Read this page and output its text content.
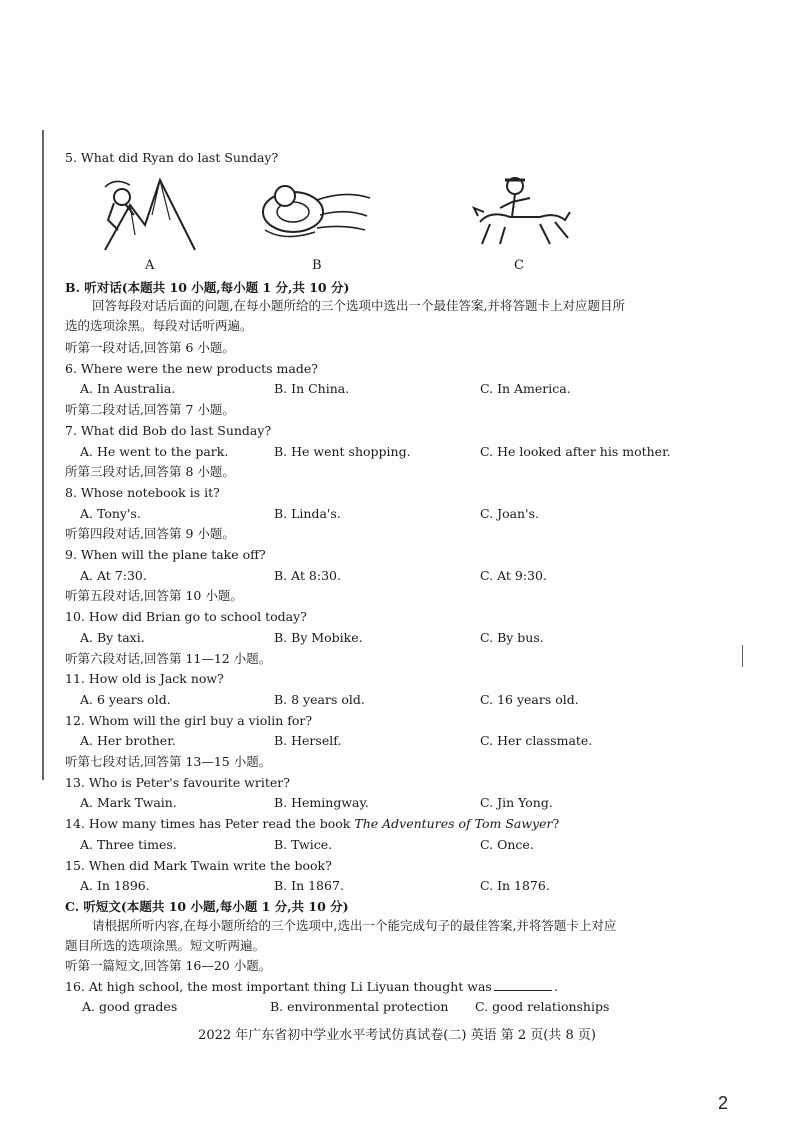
5. What did Ryan do last Sunday?
A	B	C
B. 听对话(本题共 10 小题,每小题 1 分,共 10 分)
回答每段对话后面的问题,在每小题所给的三个选项中选出一个最佳答案,并将答题卡上对应题目所
选的选项涂黑。每段对话听两遍。
听第一段对话,回答第 6 小题。
6. Where were the new products made?
A. In Australia.	B. In China.	C. In America.
听第二段对话,回答第 7 小题。
7. What did Bob do last Sunday?
A. He went to the park.	B. He went shopping.	C. He looked after his mother.
所第三段对话,回答第 8 小题。
8. Whose notebook is it?
A. Tony's.	B. Linda's.	C. Joan's.
听第四段对话,回答第 9 小题。
9. When will the plane take off?
A. At 7:30.	B. At 8:30.	C. At 9:30.
听第五段对话,回答第 10 小题。
10. How did Brian go to school today?
A. By taxi.	B. By Mobike.	C. By bus.
听第六段对话,回答第 11—12 小题。
11. How old is Jack now?
A. 6 years old.	B. 8 years old.	C. 16 years old.
12. Whom will the girl buy a violin for?
A. Her brother.	B. Herself.	C. Her classmate.
听第七段对话,回答第 13—15 小题。
13. Who is Peter's favourite writer?
A. Mark Twain.	B. Hemingway.	C. Jin Yong.
14. How many times has Peter read the book The Adventures of Tom Sawyer?
A. Three times.	B. Twice.	C. Once.
15. When did Mark Twain write the book?
A. In 1896.	B. In 1867.	C. In 1876.
C. 听短文(本题共 10 小题,每小题 1 分,共 10 分)
请根据所听内容,在每小题所给的三个选项中,选出一个能完成句子的最佳答案,并将答题卡上对应
题目所选的选项涂黑。短文听两遍。
听第一篇短文,回答第 16—20 小题。
16. At high school, the most important thing Li Liyuan thought was	.
A. good grades	B. environmental protection C. good relationships
2022 年广东省初中学业水平考试仿真试卷(二) 英语 第 2 页(共 8 页)
2
